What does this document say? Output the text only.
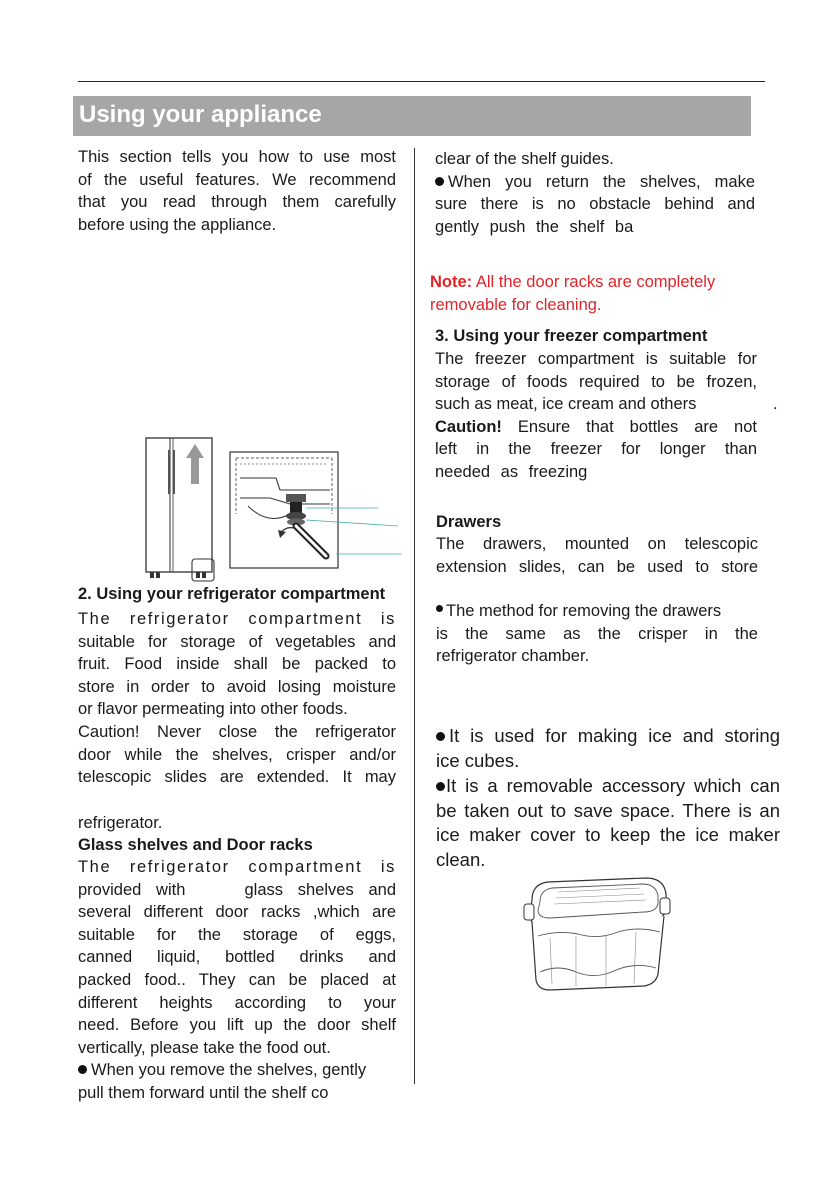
Using your appliance
This section tells you how to use most
of the useful features. We recommend
that you read through them carefully
before using the appliance.
2. Using your refrigerator compartment
The refrigerator compartment is
suitable for storage of vegetables and
fruit. Food inside shall be packed to
store in order to avoid losing moisture
or flavor permeating into other foods.
Caution! Never close the refrigerator
door while the shelves, crisper and/or
telescopic slides are extended. It may
refrigerator.
Glass shelves and Door racks
The refrigerator compartment is
provided with    glass shelves and
several different door racks ,which are
suitable for the storage of eggs,
canned liquid, bottled drinks and
packed food.. They can be placed at
different heights according to your
need. Before you lift up the door shelf
vertically, please take the food out.
When you remove the shelves, gently
pull them forward until the shelf co
clear of the shelf guides.
When you return the shelves, make
sure there is no obstacle behind and
gently push the shelf ba
Note: All the door racks are completely
removable for cleaning.
3. Using your freezer compartment
The freezer compartment is suitable for
storage of foods required to be frozen,
such as meat, ice cream and others	.
Caution! Ensure that bottles are not
left in the freezer for longer than
needed as freezing
Drawers
The drawers, mounted on telescopic
extension slides, can be used to store
The method for removing the drawers
is the same as the crisper in the
refrigerator chamber.
It is used for making ice and storing
ice cubes.
It is a removable accessory which can
be taken out to save space. There is an
ice maker cover to keep the ice maker
clean.
